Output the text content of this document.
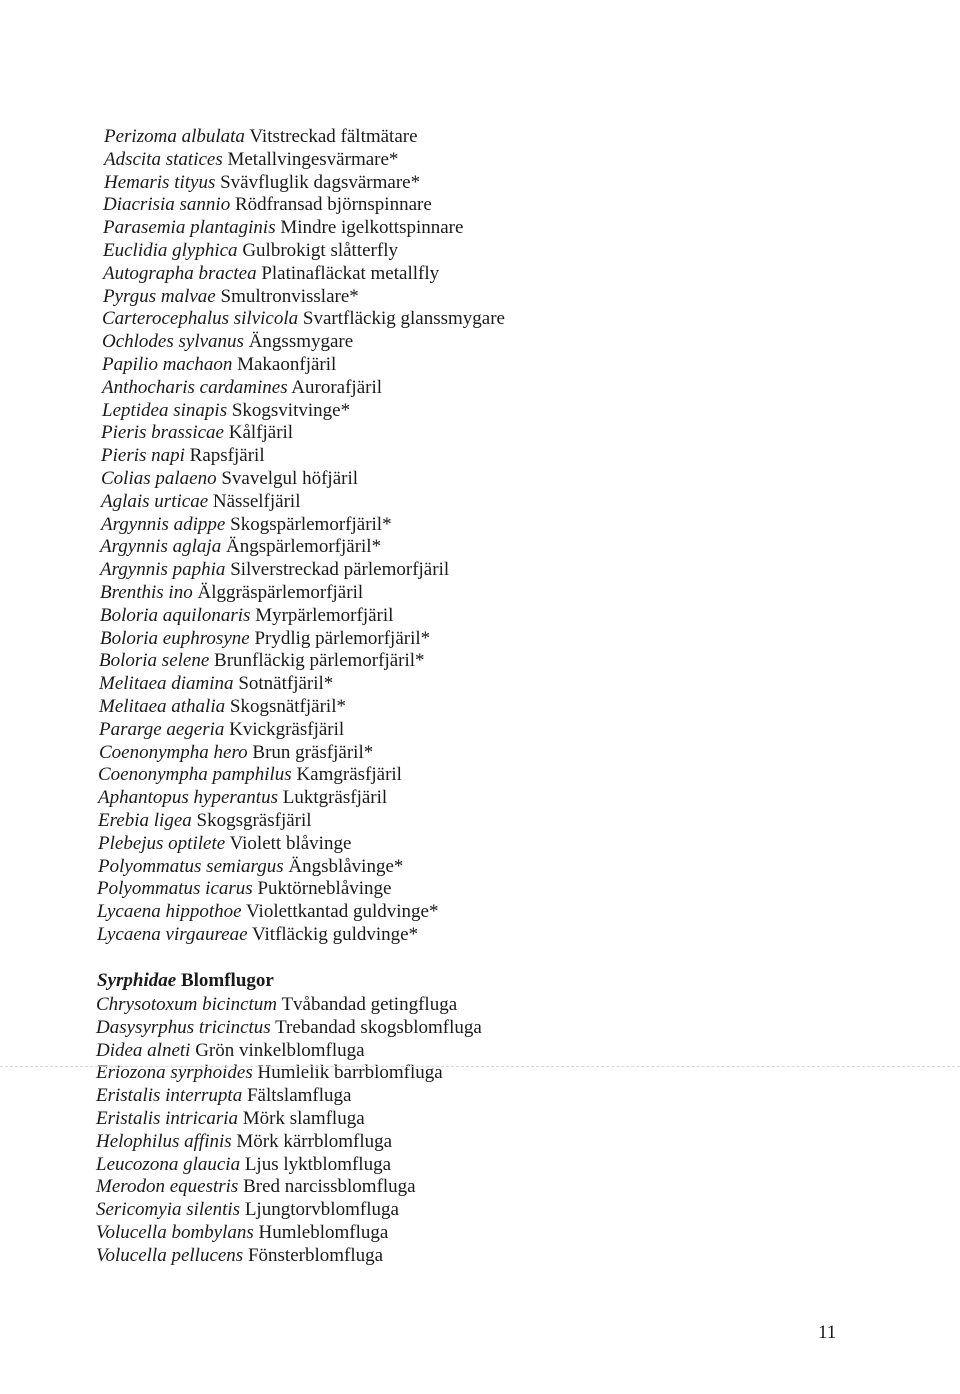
Perizoma albulata Vitstreckad fältmätare
Adscita statices Metallvingesvärmare*
Hemaris tityus Svävfluglik dagsvärmare*
Diacrisia sannio Rödfransad björnspinnare
Parasemia plantaginis Mindre igelkottspinnare
Euclidia glyphica Gulbrokigt slåtterfly
Autographa bractea Platinafläckat metallfly
Pyrgus malvae Smultronvisslare*
Carterocephalus silvicola Svartfläckig glanssmygare
Ochlodes sylvanus Ängssmygare
Papilio machaon Makaonfjäril
Anthocharis cardamines Aurorafjäril
Leptidea sinapis Skogsvitvinge*
Pieris brassicae Kålfjäril
Pieris napi Rapsfjäril
Colias palaeno Svavelgul höfjäril
Aglais urticae Nässelfjäril
Argynnis adippe Skogspärlemorfjäril*
Argynnis aglaja Ängspärlemorfjäril*
Argynnis paphia Silverstreckad pärlemorfjäril
Brenthis ino Älggräspärlemorfjäril
Boloria aquilonaris Myrpärlemorfjäril
Boloria euphrosyne Prydlig pärlemorfjäril*
Boloria selene Brunfläckig pärlemorfjäril*
Melitaea diamina Sotnätfjäril*
Melitaea athalia Skogsnätfjäril*
Pararge aegeria Kvickgräsfjäril
Coenonympha hero Brun gräsfjäril*
Coenonympha pamphilus Kamgräsfjäril
Aphantopus hyperantus Luktgräsfjäril
Erebia ligea Skogsgräsfjäril
Plebejus optilete Violett blåvinge
Polyommatus semiargus Ängsblåvinge*
Polyommatus icarus Puktörneblåvinge
Lycaena hippothoe Violettkantad guldvinge*
Lycaena virgaureae Vitfläckig guldvinge*
Syrphidae Blomflugor
Chrysotoxum bicinctum Tvåbandad getingfluga
Dasysyrphus tricinctus Trebandad skogsblomfluga
Didea alneti Grön vinkelblomfluga
Eriozona syrphoides Humlelik barrblomfluga
Eristalis interrupta Fältslamfluga
Eristalis intricaria Mörk slamfluga
Helophilus affinis Mörk kärrblomfluga
Leucozona glaucia Ljus lyktblomfluga
Merodon equestris Bred narcissblomfluga
Sericomyia silentis Ljungtorvblomfluga
Volucella bombylans Humleblomfluga
Volucella pellucens Fönsterblomfluga
11
